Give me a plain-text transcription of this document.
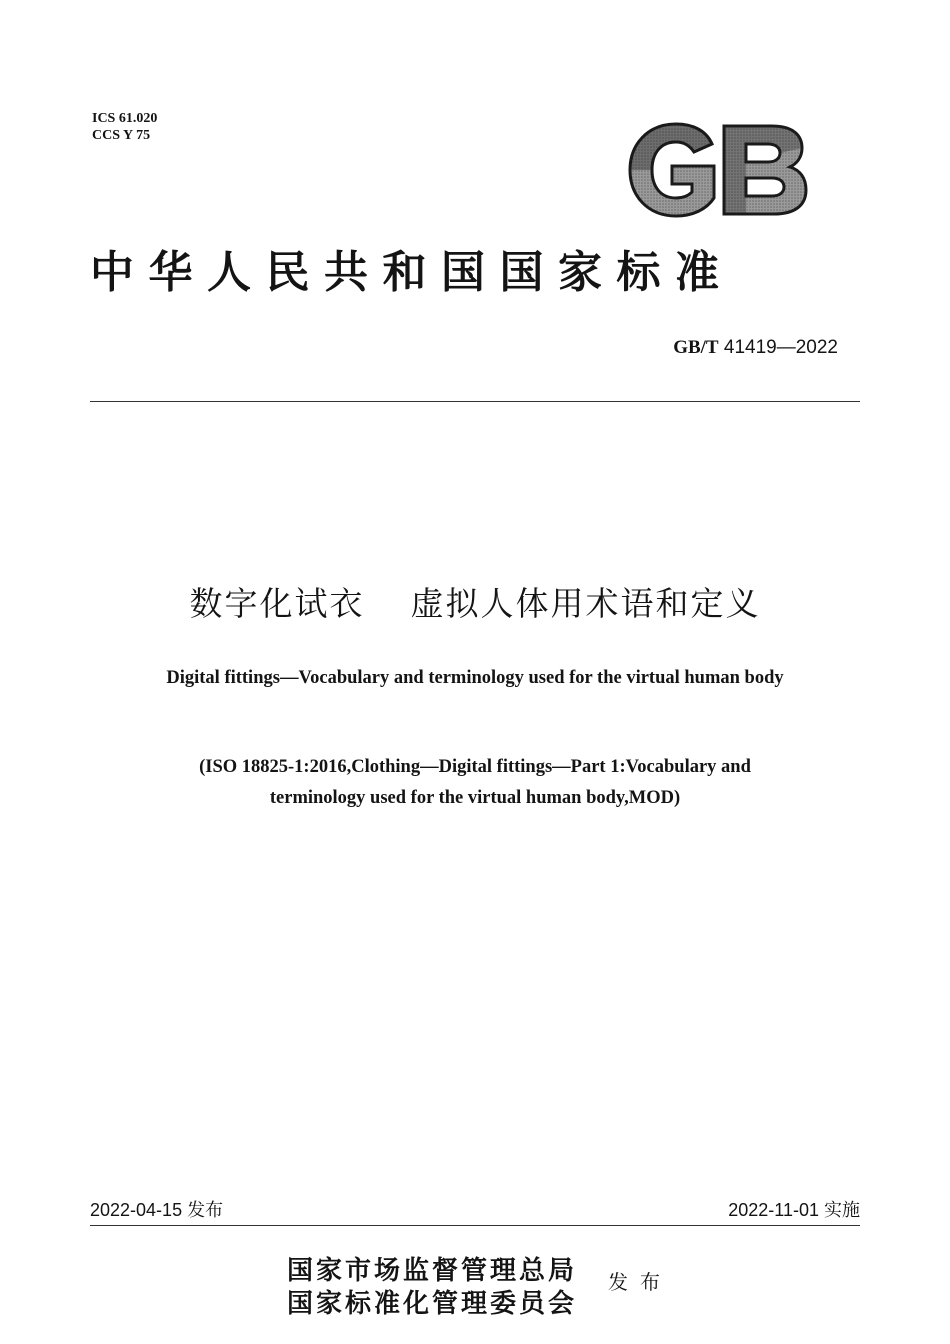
ICS 61.020
CCS Y 75
中华人民共和国国家标准
GB/T 41419—2022
数字化试衣 虚拟人体用术语和定义
Digital fittings—Vocabulary and terminology used for the virtual human body
(ISO 18825-1:2016,Clothing—Digital fittings—Part 1:Vocabulary and
terminology used for the virtual human body,MOD)
2022-04-15 发布	2022-11-01 实施
国家市场监督管理总局
国家标准化管理委员会
发布
